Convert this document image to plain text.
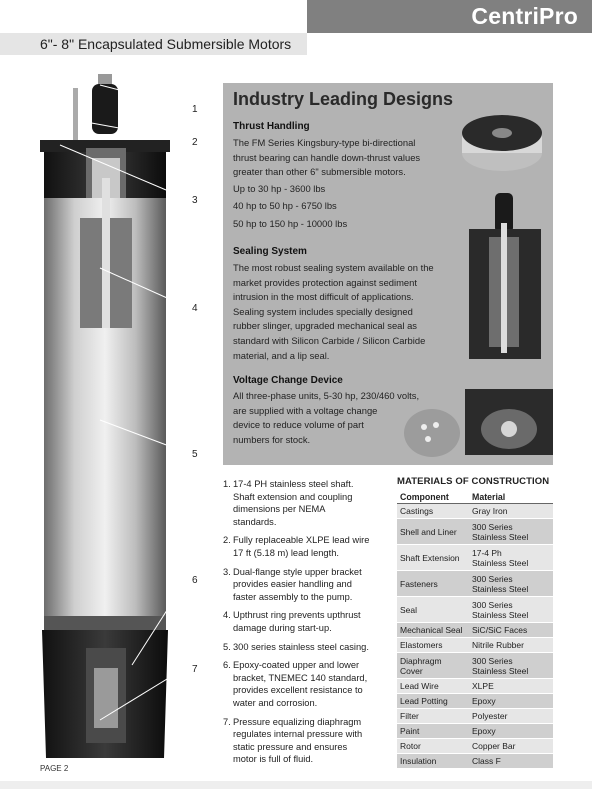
CentriPro
6"- 8" Encapsulated Submersible Motors
1
2
3
4
5
6
7
Industry Leading Designs
Thrust Handling
The FM Series Kingsbury-type bi-directional
thrust bearing can handle down-thrust values
greater than other 6" submersible motors.
Up to 30 hp - 3600 lbs
40 hp to 50 hp - 6750 lbs
50 hp to 150 hp - 10000 lbs
Sealing System
The most robust sealing system available on the
market provides protection against sediment
intrusion in the most difficult of applications.
Sealing system includes specially designed
rubber slinger, upgraded mechanical seal as
standard with Silicon Carbide / Silicon Carbide
material, and a lip seal.
Voltage Change Device
All three-phase units, 5-30 hp, 230/460 volts,
are supplied with a voltage change
device to reduce volume of part
numbers for stock.
1. 17-4 PH stainless steel shaft.
Shaft extension and coupling
dimensions per NEMA
standards.
2. Fully replaceable XLPE lead wire
17 ft (5.18 m) lead length.
3. Dual-flange style upper bracket
provides easier handling and
faster assembly to the pump.
4. Upthrust ring prevents upthrust
damage during start-up.
5. 300 series stainless steel casing.
6. Epoxy-coated upper and lower
bracket, TNEMEC 140 standard,
provides excellent resistance to
water and corrosion.
7. Pressure equalizing diaphragm
regulates internal pressure with
static pressure and ensures
motor is full of fluid.
MATERIALS OF CONSTRUCTION
Component	Material
Castings	Gray Iron
Shell and Liner	300 Series
Stainless Steel
Shaft Extension	17-4 Ph
Stainless Steel
Fasteners	300 Series
Stainless Steel
Seal	300 Series
Stainless Steel
Mechanical Seal	SiC/SiC Faces
Elastomers	Nitrile Rubber
Diaphragm
Cover	300 Series
Stainless Steel
Lead Wire	XLPE
Lead Potting	Epoxy
Filter	Polyester
Paint	Epoxy
Rotor	Copper Bar
Insulation	Class F
PAGE 2
